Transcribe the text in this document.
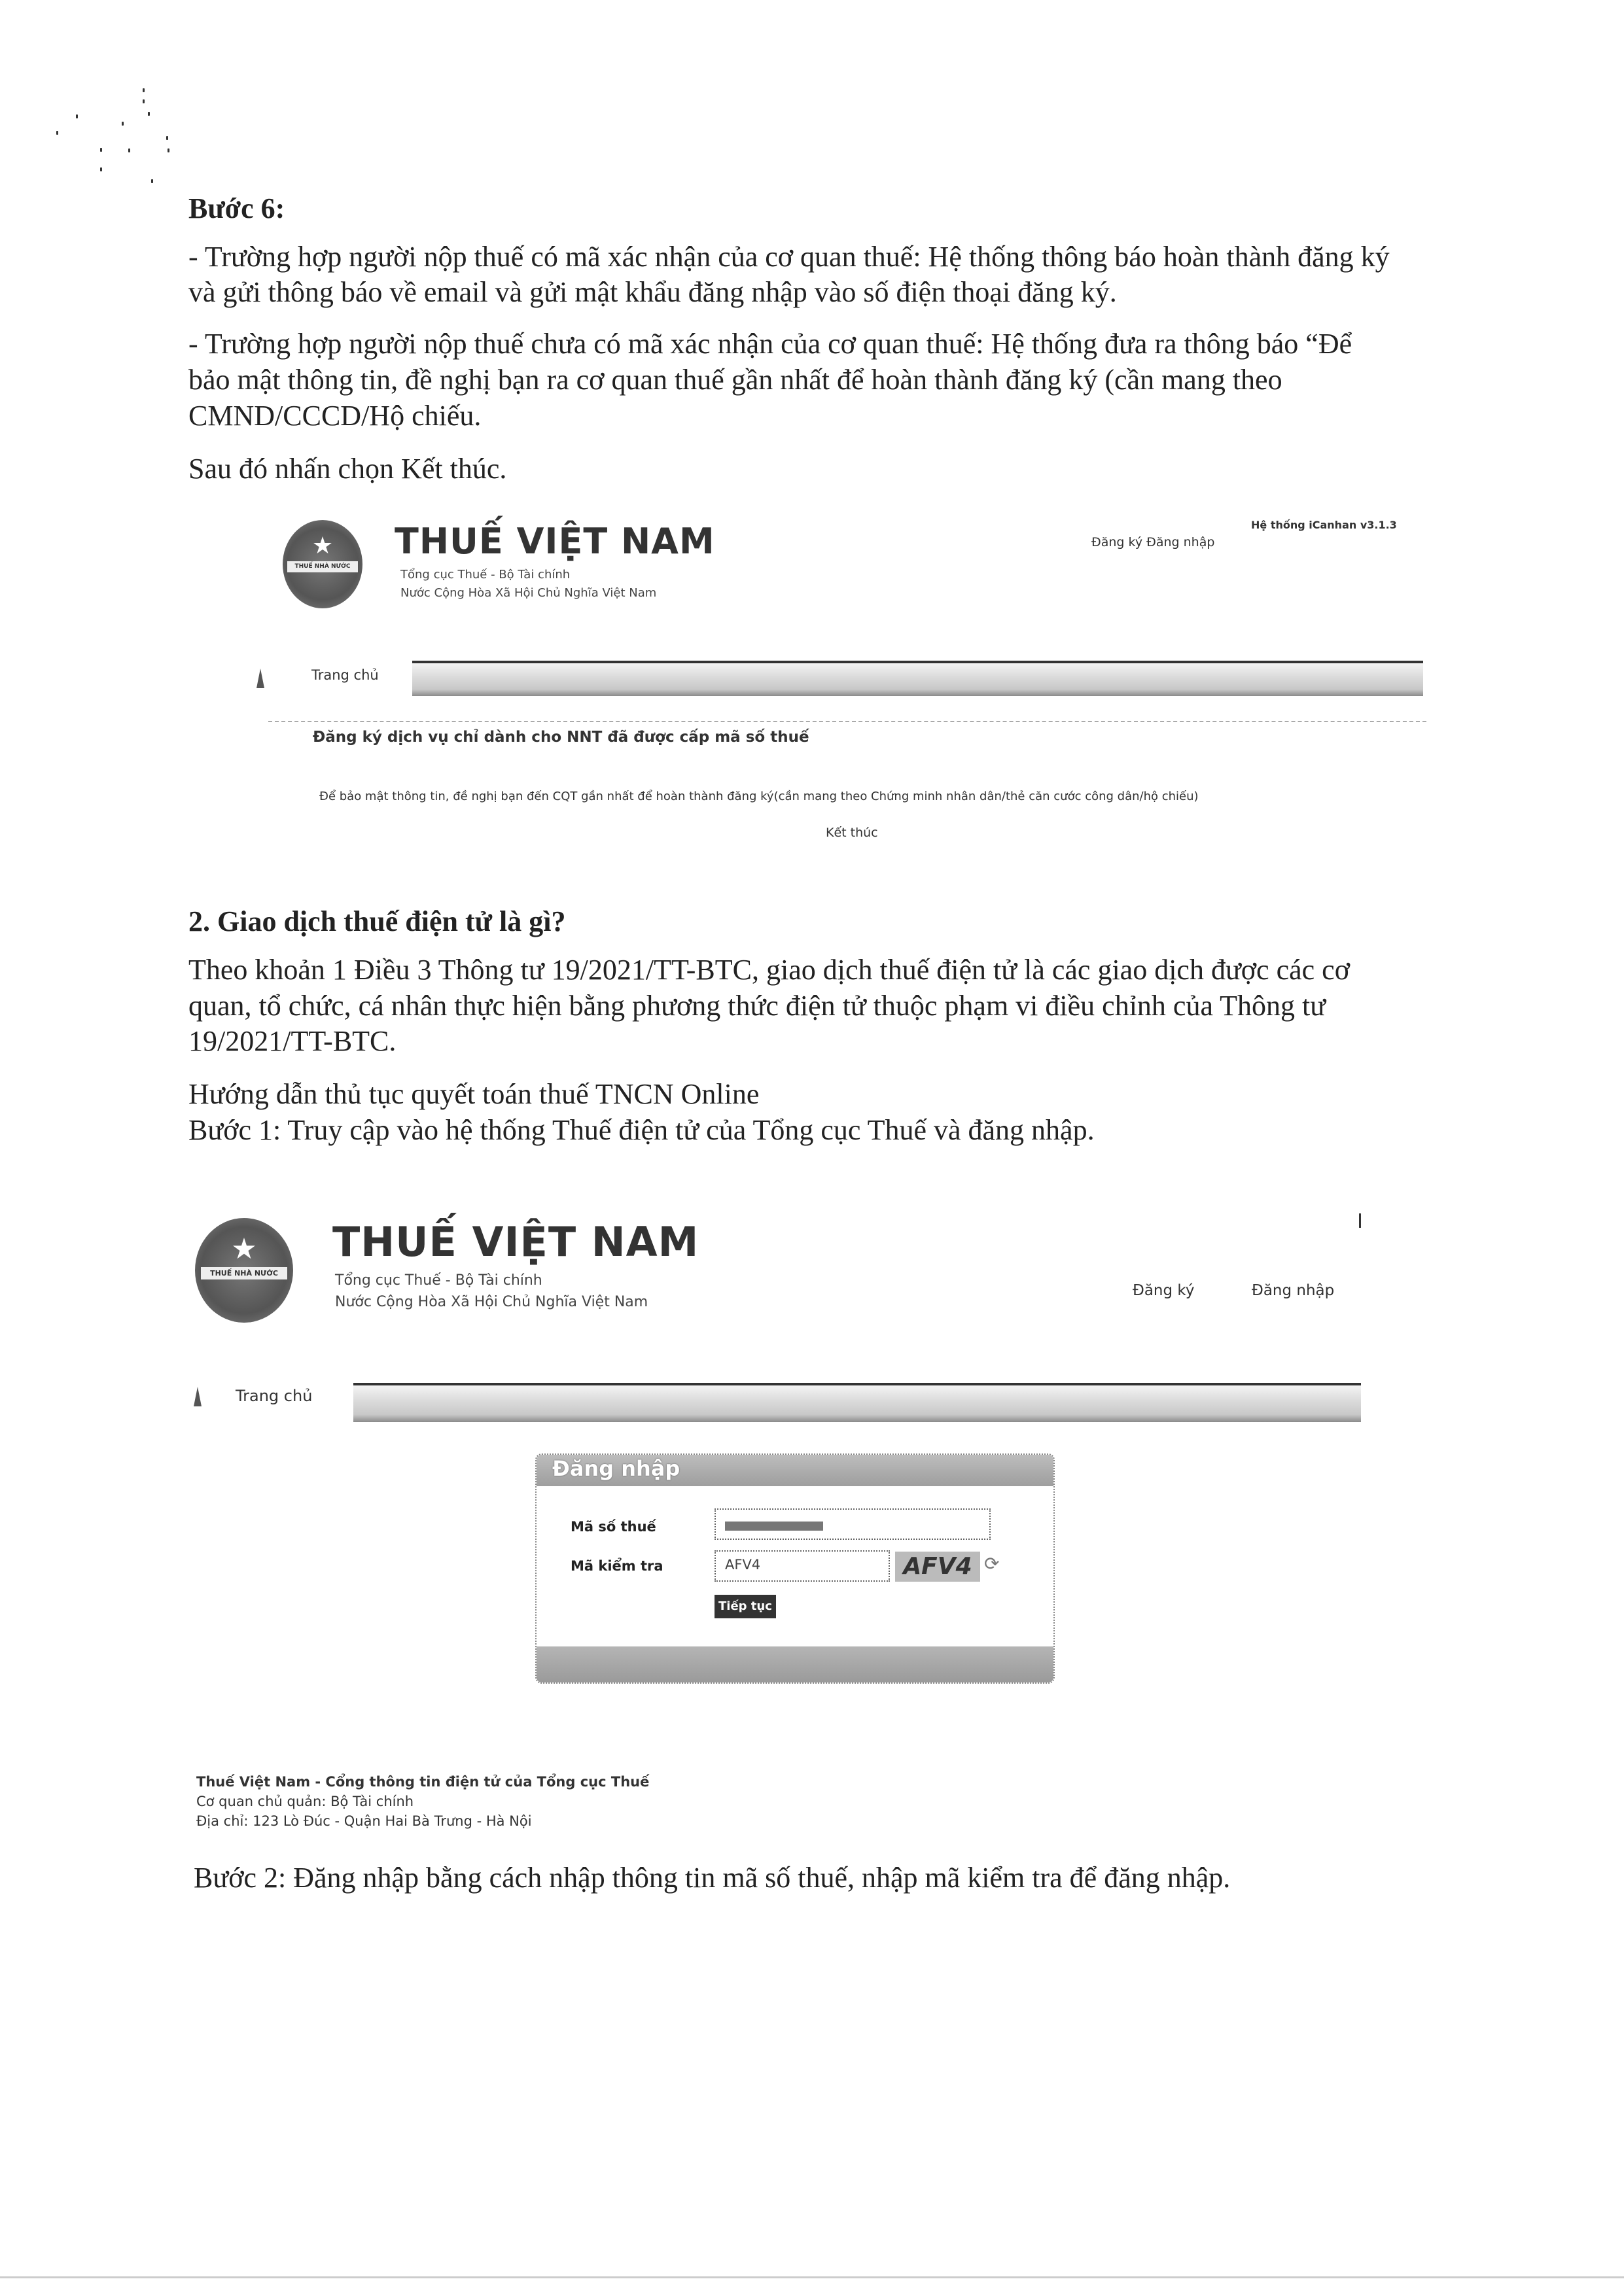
Bước 6:
- Trường hợp người nộp thuế có mã xác nhận của cơ quan thuế: Hệ thống thông báo hoàn thành đăng ký
và gửi thông báo về email và gửi mật khẩu đăng nhập vào số điện thoại đăng ký.
- Trường hợp người nộp thuế chưa có mã xác nhận của cơ quan thuế: Hệ thống đưa ra thông báo “Để
bảo mật thông tin, đề nghị bạn ra cơ quan thuế gần nhất để hoàn thành đăng ký (cần mang theo
CMND/CCCD/Hộ chiếu.
Sau đó nhấn chọn Kết thúc.
★
THUẾ NHÀ NƯỚC
THUẾ VIỆT NAM
Tổng cục Thuế - Bộ Tài chính
Nước Cộng Hòa Xã Hội Chủ Nghĩa Việt Nam
Hệ thống iCanhan v3.1.3
Đăng ký Đăng nhập
Trang chủ
Đăng ký dịch vụ chỉ dành cho NNT đã được cấp mã số thuế
Để bảo mật thông tin, đề nghị bạn đến CQT gần nhất để hoàn thành đăng ký(cần mang theo Chứng minh nhân dân/thẻ căn cước công dân/hộ chiếu)
Kết thúc
2. Giao dịch thuế điện tử là gì?
Theo khoản 1 Điều 3 Thông tư 19/2021/TT-BTC, giao dịch thuế điện tử là các giao dịch được các cơ
quan, tổ chức, cá nhân thực hiện bằng phương thức điện tử thuộc phạm vi điều chỉnh của Thông tư
19/2021/TT-BTC.
Hướng dẫn thủ tục quyết toán thuế TNCN Online
Bước 1: Truy cập vào hệ thống Thuế điện tử của Tổng cục Thuế và đăng nhập.
★
THUẾ NHÀ NƯỚC
THUẾ VIỆT NAM
Tổng cục Thuế - Bộ Tài chính
Nước Cộng Hòa Xã Hội Chủ Nghĩa Việt Nam
Đăng ký	Đăng nhập
Trang chủ
Đăng nhập
Mã số thuế
Mã kiểm tra	AFV4	AFV4 ⟳
Tiếp tục
Thuế Việt Nam - Cổng thông tin điện tử của Tổng cục Thuế
Cơ quan chủ quản: Bộ Tài chính
Địa chỉ: 123 Lò Đúc - Quận Hai Bà Trưng - Hà Nội
Bước 2: Đăng nhập bằng cách nhập thông tin mã số thuế, nhập mã kiểm tra để đăng nhập.
